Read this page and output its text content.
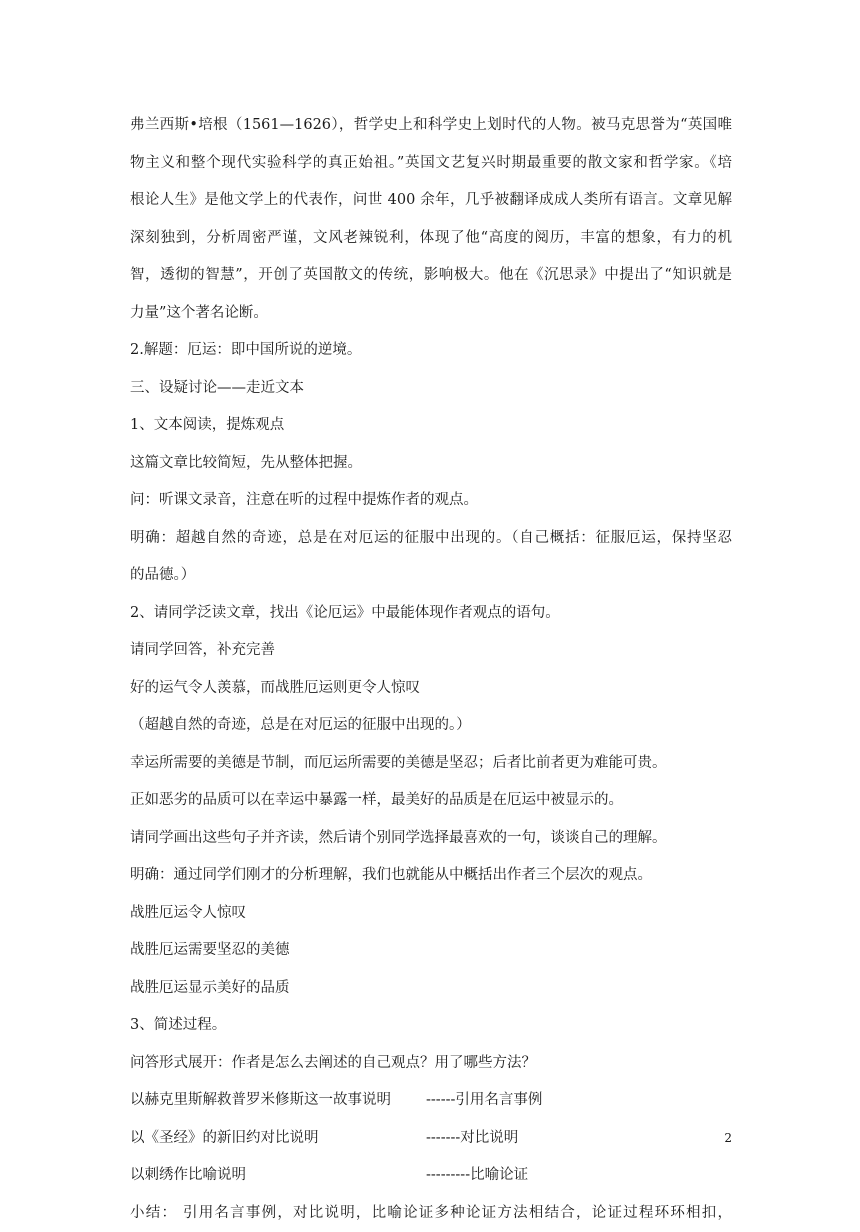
弗兰西斯•培根（1561—1626），哲学史上和科学史上划时代的人物。被马克思誉为“英国唯
物主义和整个现代实验科学的真正始祖。”英国文艺复兴时期最重要的散文家和哲学家。《培
根论人生》是他文学上的代表作，问世 400 余年，几乎被翻译成成人类所有语言。文章见解
深刻独到，分析周密严谨，文风老辣锐利，体现了他“高度的阅历，丰富的想象，有力的机
智，透彻的智慧”，开创了英国散文的传统，影响极大。他在《沉思录》中提出了“知识就是
力量”这个著名论断。
2.解题：厄运：即中国所说的逆境。
三、设疑讨论——走近文本
1、文本阅读，提炼观点
这篇文章比较简短，先从整体把握。
问：听课文录音，注意在听的过程中提炼作者的观点。
明确：超越自然的奇迹，总是在对厄运的征服中出现的。（自己概括：征服厄运，保持坚忍
的品德。）
2、请同学泛读文章，找出《论厄运》中最能体现作者观点的语句。
请同学回答，补充完善
好的运气令人羡慕，而战胜厄运则更令人惊叹
（超越自然的奇迹，总是在对厄运的征服中出现的。）
幸运所需要的美德是节制，而厄运所需要的美德是坚忍；后者比前者更为难能可贵。
正如恶劣的品质可以在幸运中暴露一样，最美好的品质是在厄运中被显示的。
请同学画出这些句子并齐读，然后请个别同学选择最喜欢的一句，谈谈自己的理解。
明确：通过同学们刚才的分析理解，我们也就能从中概括出作者三个层次的观点。
战胜厄运令人惊叹
战胜厄运需要坚忍的美德
战胜厄运显示美好的品质
3、简述过程。
问答形式展开：作者是怎么去阐述的自己观点？用了哪些方法？
以赫克里斯解救普罗米修斯这一故事说明	------引用名言事例
以《圣经》的新旧约对比说明	-------对比说明
以刺绣作比喻说明	---------比喻论证
小结： 引用名言事例，对比说明，比喻论证多种论证方法相结合，论证过程环环相扣，
2
